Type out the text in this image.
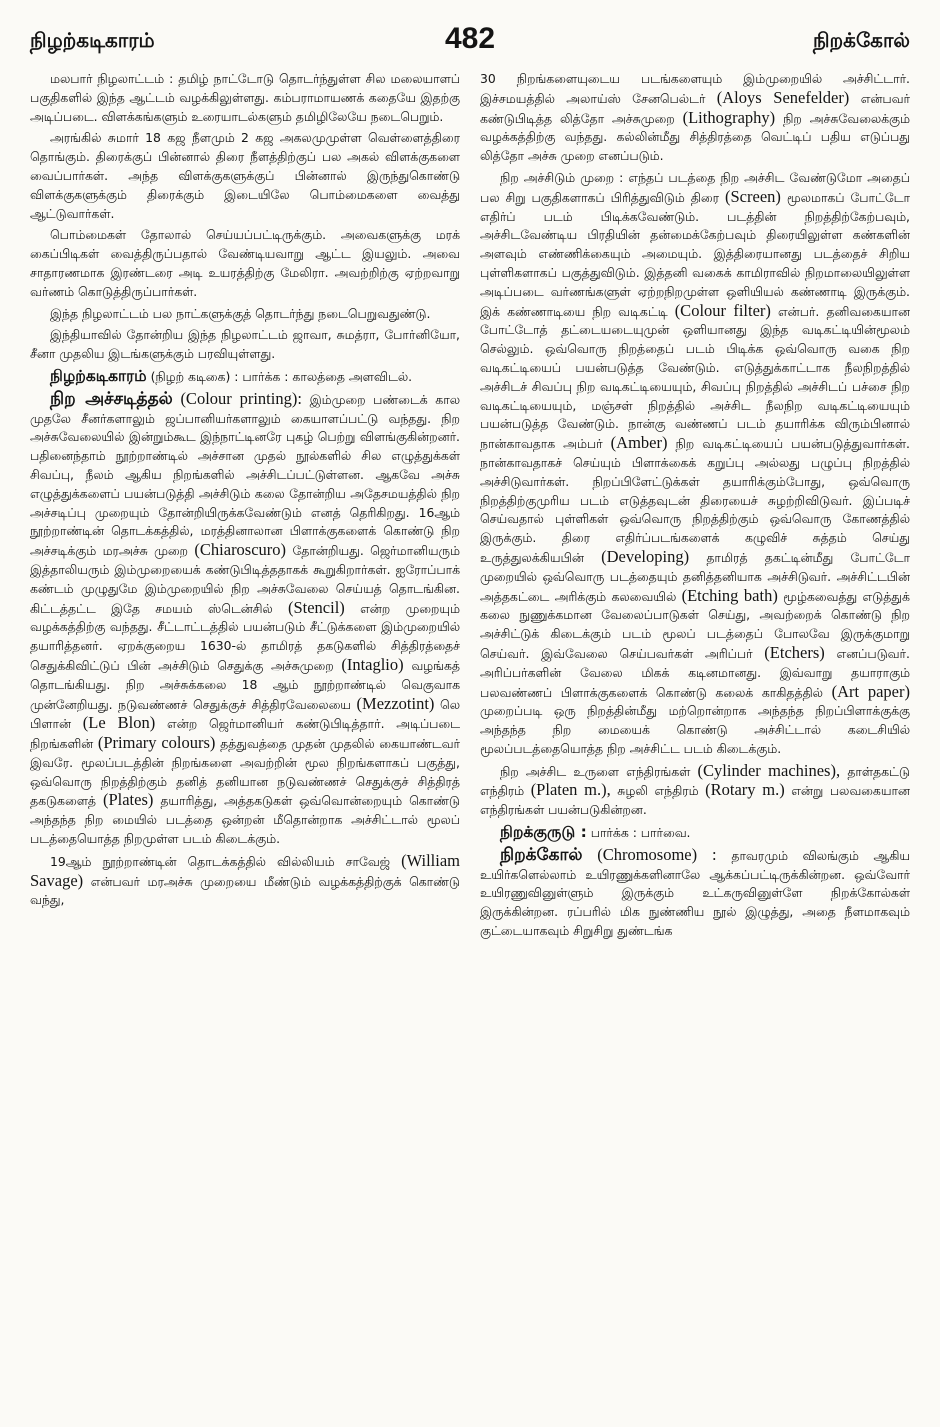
நிழற்கடிகாரம்	482	நிறக்கோல்

மலபார் நிழலாட்டம் : தமிழ் நாட்டோடு தொடர்ந்துள்ள சில மலையாளப் பகுதிகளில் இந்த ஆட்டம் வழக்கிலுள்ளது. கம்பராமாயணக் கதையே இதற்கு அடிப்படை. விளக்கங்களும் உரையாடல்களும் தமிழிலேயே நடைபெறும்.

அரங்கில் சுமார் 18 கஜ நீளமும் 2 கஜ அகலமுமுள்ள வெள்ளைத்திரை தொங்கும். திரைக்குப் பின்னால் திரை நீளத்திற்குப் பல அகல் விளக்குகளை வைப்பார்கள். அந்த விளக்குகளுக்குப் பின்னால் இருந்துகொண்டு விளக்குகளுக்கும் திரைக்கும் இடையிலே பொம்மைகளை வைத்து ஆட்டுவார்கள்.

பொம்மைகள் தோலால் செய்யப்பட்டிருக்கும். அவைகளுக்கு மரக் கைப்பிடிகள் வைத்திருப்பதால் வேண்டியவாறு ஆட்ட இயலும். அவை சாதாரணமாக இரண்டரை அடி உயரத்திற்கு மேலிரா. அவற்றிற்கு ஏற்றவாறு வர்ணம் கொடுத்திருப்பார்கள்.

இந்த நிழலாட்டம் பல நாட்களுக்குத் தொடர்ந்து நடைபெறுவதுண்டு.

இந்தியாவில் தோன்றிய இந்த நிழலாட்டம் ஜாவா, சுமத்ரா, போர்னியோ, சீனா முதலிய இடங்களுக்கும் பரவியுள்ளது.

நிழற்கடிகாரம் (நிழற் கடிகை) : பார்க்க : காலத்தை அளவிடல்.

நிற அச்சடித்தல் (Colour printing): இம்முறை பண்டைக் கால முதலே சீனர்களாலும் ஜப்பானியர்களாலும் கையாளப்பட்டு வந்தது. நிற அச்சுவேலையில் இன்றும்கூட இந்நாட்டினரே புகழ் பெற்று விளங்குகின்றனர். பதினைந்தாம் நூற்றாண்டில் அச்சான முதல் நூல்களில் சில எழுத்துக்கள் சிவப்பு, நீலம் ஆகிய நிறங்களில் அச்சிடப்பட்டுள்ளன. ஆகவே அச்சு எழுத்துக்களைப் பயன்படுத்தி அச்சிடும் கலை தோன்றிய அதேசமயத்தில் நிற அச்சடிப்பு முறையும் தோன்றியிருக்கவேண்டும் எனத் தெரிகிறது. 16ஆம் நூற்றாண்டின் தொடக்கத்தில், மரத்தினாலான பிளாக்குகளைக் கொண்டு நிற அச்சடிக்கும் மரஅச்சு முறை (Chiaroscuro) தோன்றியது. ஜெர்மானியரும் இத்தாலியரும் இம்முறையைக் கண்டுபிடித்ததாகக் கூறுகிறார்கள். ஐரோப்பாக் கண்டம் முழுதுமே இம்முறையில் நிற அச்சுவேலை செய்யத் தொடங்கின. கிட்டத்தட்ட இதே சமயம் ஸ்டென்சில் (Stencil) என்ற முறையும் வழக்கத்திற்கு வந்தது. சீட்டாட்டத்தில் பயன்படும் சீட்டுக்களை இம்முறையில் தயாரித்தனர். ஏறக்குறைய 1630-ல் தாமிரத் தகடுகளில் சித்திரத்தைச் செதுக்கிவிட்டுப் பின் அச்சிடும் செதுக்கு அச்சுமுறை (Intaglio) வழங்கத் தொடங்கியது. நிற அச்சுக்கலை 18 ஆம் நூற்றாண்டில் வெகுவாக முன்னேறியது. நடுவண்ணச் செதுக்குச் சித்திரவேலையை (Mezzotint) லெ பிளான் (Le Blon) என்ற ஜெர்மானியர் கண்டுபிடித்தார். அடிப்படை நிறங்களின் (Primary colours) தத்துவத்தை முதன் முதலில் கையாண்டவர் இவரே. மூலப்படத்தின் நிறங்களை அவற்றின் மூல நிறங்களாகப் பகுத்து, ஒவ்வொரு நிறத்திற்கும் தனித் தனியான நடுவண்ணச் செதுக்குச் சித்திரத் தகடுகளைத் (Plates) தயாரித்து, அத்தகடுகள் ஒவ்வொன்றையும் கொண்டு அந்தந்த நிற மையில் படத்தை ஒன்றன் மீதொன்றாக அச்சிட்டால் மூலப் படத்தையொத்த நிறமுள்ள படம் கிடைக்கும்.

19ஆம் நூற்றாண்டின் தொடக்கத்தில் வில்லியம் சாவேஜ் (William Savage) என்பவர் மரஅச்சு முறையை மீண்டும் வழக்கத்திற்குக் கொண்டு வந்து,

30 நிறங்களையுடைய படங்களையும் இம்முறையில் அச்சிட்டார். இச்சமயத்தில் அலாய்ஸ் சேனபெல்டர் (Aloys Senefelder) என்பவர் கண்டுபிடித்த லித்தோ அச்சுமுறை (Lithography) நிற அச்சுவேலைக்கும் வழக்கத்திற்கு வந்தது. கல்லின்மீது சித்திரத்தை வெட்டிப் பதிய எடுப்பது லித்தோ அச்சு முறை எனப்படும்.

நிற அச்சிடும் முறை : எந்தப் படத்தை நிற அச்சிட வேண்டுமோ அதைப் பல சிறு பகுதிகளாகப் பிரித்துவிடும் திரை (Screen) மூலமாகப் போட்டோ எதிர்ப் படம் பிடிக்கவேண்டும். படத்தின் நிறத்திற்கேற்பவும், அச்சிடவேண்டிய பிரதியின் தன்மைக்கேற்பவும் திரையிலுள்ள கண்களின் அளவும் எண்ணிக்கையும் அமையும். இத்திரையானது படத்தைச் சிறிய புள்ளிகளாகப் பகுத்துவிடும். இத்தனி வகைக் காமிராவில் நிறமாலையிலுள்ள அடிப்படை வர்ணங்களுள் ஏற்றநிறமுள்ள ஒளியியல் கண்ணாடி இருக்கும். இக் கண்ணாடியை நிற வடிகட்டி (Colour filter) என்பர். தனிவகையான போட்டோத் தட்டையடையுமுன் ஒளியானது இந்த வடிகட்டியின்மூலம் செல்லும். ஒவ்வொரு நிறத்தைப் படம் பிடிக்க ஒவ்வொரு வகை நிற வடிகட்டியைப் பயன்படுத்த வேண்டும். எடுத்துக்காட்டாக நீலநிறத்தில் அச்சிடச் சிவப்பு நிற வடிகட்டியையும், சிவப்பு நிறத்தில் அச்சிடப் பச்சை நிற வடிகட்டியையும், மஞ்சள் நிறத்தில் அச்சிட நீலநிற வடிகட்டியையும் பயன்படுத்த வேண்டும். நான்கு வண்ணப் படம் தயாரிக்க விரும்பினால் நான்காவதாக அம்பர் (Amber) நிற வடிகட்டியைப் பயன்படுத்துவார்கள். நான்காவதாகச் செய்யும் பிளாக்கைக் கறுப்பு அல்லது பழுப்பு நிறத்தில் அச்சிடுவார்கள். நிறப்பிளேட்டுக்கள் தயாரிக்கும்போது, ஒவ்வொரு நிறத்திற்குமுரிய படம் எடுத்தவுடன் திரையைச் சுழற்றிவிடுவர். இப்படிச் செய்வதால் புள்ளிகள் ஒவ்வொரு நிறத்திற்கும் ஒவ்வொரு கோணத்தில் இருக்கும். திரை எதிர்ப்படங்களைக் கழுவிச் சுத்தம் செய்து உருத்துலக்கியபின் (Developing) தாமிரத் தகட்டின்மீது போட்டோ முறையில் ஒவ்வொரு படத்தையும் தனித்தனியாக அச்சிடுவர். அச்சிட்டபின் அத்தகட்டை அரிக்கும் கலவையில் (Etching bath) மூழ்கவைத்து எடுத்துக் கலை நுணுக்கமான வேலைப்பாடுகள் செய்து, அவற்றைக் கொண்டு நிற அச்சிட்டுக் கிடைக்கும் படம் மூலப் படத்தைப் போலவே இருக்குமாறு செய்வர். இவ்வேலை செய்பவர்கள் அரிப்பர் (Etchers) எனப்படுவர். அரிப்பர்களின் வேலை மிகக் கடினமானது. இவ்வாறு தயாராகும் பலவண்ணப் பிளாக்குகளைக் கொண்டு கலைக் காகிதத்தில் (Art paper) முறைப்படி ஒரு நிறத்தின்மீது மற்றொன்றாக அந்தந்த நிறப்பிளாக்குக்கு அந்தந்த நிற மையைக் கொண்டு அச்சிட்டால் கடைசியில் மூலப்படத்தையொத்த நிற அச்சிட்ட படம் கிடைக்கும்.

நிற அச்சிட உருளை எந்திரங்கள் (Cylinder machines), தாள்தகட்டு எந்திரம் (Platen m.), சுழலி எந்திரம் (Rotary m.) என்று பலவகையான எந்திரங்கள் பயன்படுகின்றன.

நிறக்குருடு : பார்க்க : பார்வை.

நிறக்கோல் (Chromosome) : தாவரமும் விலங்கும் ஆகிய உயிர்களெல்லாம் உயிரணுக்களினாலே ஆக்கப்பட்டிருக்கின்றன. ஒவ்வோர் உயிரணுவினுள்ளும் இருக்கும் உட்கருவினுள்ளே நிறக்கோல்கள் இருக்கின்றன. ரப்பரில் மிக நுண்ணிய நூல் இழுத்து, அதை நீளமாகவும் குட்டையாகவும் சிறுசிறு துண்டங்க
